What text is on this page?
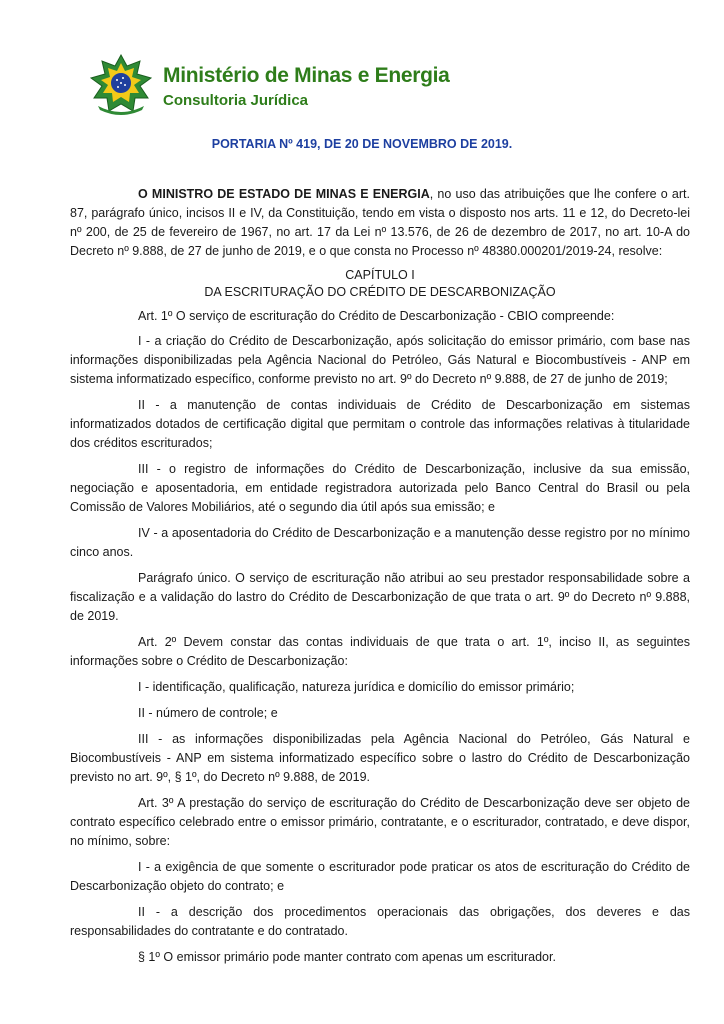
Ministério de Minas e Energia
Consultoria Jurídica
PORTARIA Nº 419, DE 20 DE NOVEMBRO DE 2019.

O MINISTRO DE ESTADO DE MINAS E ENERGIA, no uso das atribuições que lhe confere o art. 87, parágrafo único, incisos II e IV, da Constituição, tendo em vista o disposto nos arts. 11 e 12, do Decreto-lei nº 200, de 25 de fevereiro de 1967, no art. 17 da Lei nº 13.576, de 26 de dezembro de 2017, no art. 10-A do Decreto nº 9.888, de 27 de junho de 2019, e o que consta no Processo nº 48380.000201/2019-24, resolve:

CAPÍTULO I

DA ESCRITURAÇÃO DO CRÉDITO DE DESCARBONIZAÇÃO

Art. 1º O serviço de escrituração do Crédito de Descarbonização - CBIO compreende:

I - a criação do Crédito de Descarbonização, após solicitação do emissor primário, com base nas informações disponibilizadas pela Agência Nacional do Petróleo, Gás Natural e Biocombustíveis - ANP em sistema informatizado específico, conforme previsto no art. 9º do Decreto nº 9.888, de 27 de junho de 2019;

II - a manutenção de contas individuais de Crédito de Descarbonização em sistemas informatizados dotados de certificação digital que permitam o controle das informações relativas à titularidade dos créditos escriturados;

III - o registro de informações do Crédito de Descarbonização, inclusive da sua emissão, negociação e aposentadoria, em entidade registradora autorizada pelo Banco Central do Brasil ou pela Comissão de Valores Mobiliários, até o segundo dia útil após sua emissão; e

IV - a aposentadoria do Crédito de Descarbonização e a manutenção desse registro por no mínimo cinco anos.

Parágrafo único. O serviço de escrituração não atribui ao seu prestador responsabilidade sobre a fiscalização e a validação do lastro do Crédito de Descarbonização de que trata o art. 9º do Decreto nº 9.888, de 2019.

Art. 2º Devem constar das contas individuais de que trata o art. 1º, inciso II, as seguintes informações sobre o Crédito de Descarbonização:

I - identificação, qualificação, natureza jurídica e domicílio do emissor primário;

II - número de controle; e

III - as informações disponibilizadas pela Agência Nacional do Petróleo, Gás Natural e Biocombustíveis - ANP em sistema informatizado específico sobre o lastro do Crédito de Descarbonização previsto no art. 9º, § 1º, do Decreto nº 9.888, de 2019.

Art. 3º A prestação do serviço de escrituração do Crédito de Descarbonização deve ser objeto de contrato específico celebrado entre o emissor primário, contratante, e o escriturador, contratado, e deve dispor, no mínimo, sobre:

I - a exigência de que somente o escriturador pode praticar os atos de escrituração do Crédito de Descarbonização objeto do contrato; e

II - a descrição dos procedimentos operacionais das obrigações, dos deveres e das responsabilidades do contratante e do contratado.

§ 1º O emissor primário pode manter contrato com apenas um escriturador.
